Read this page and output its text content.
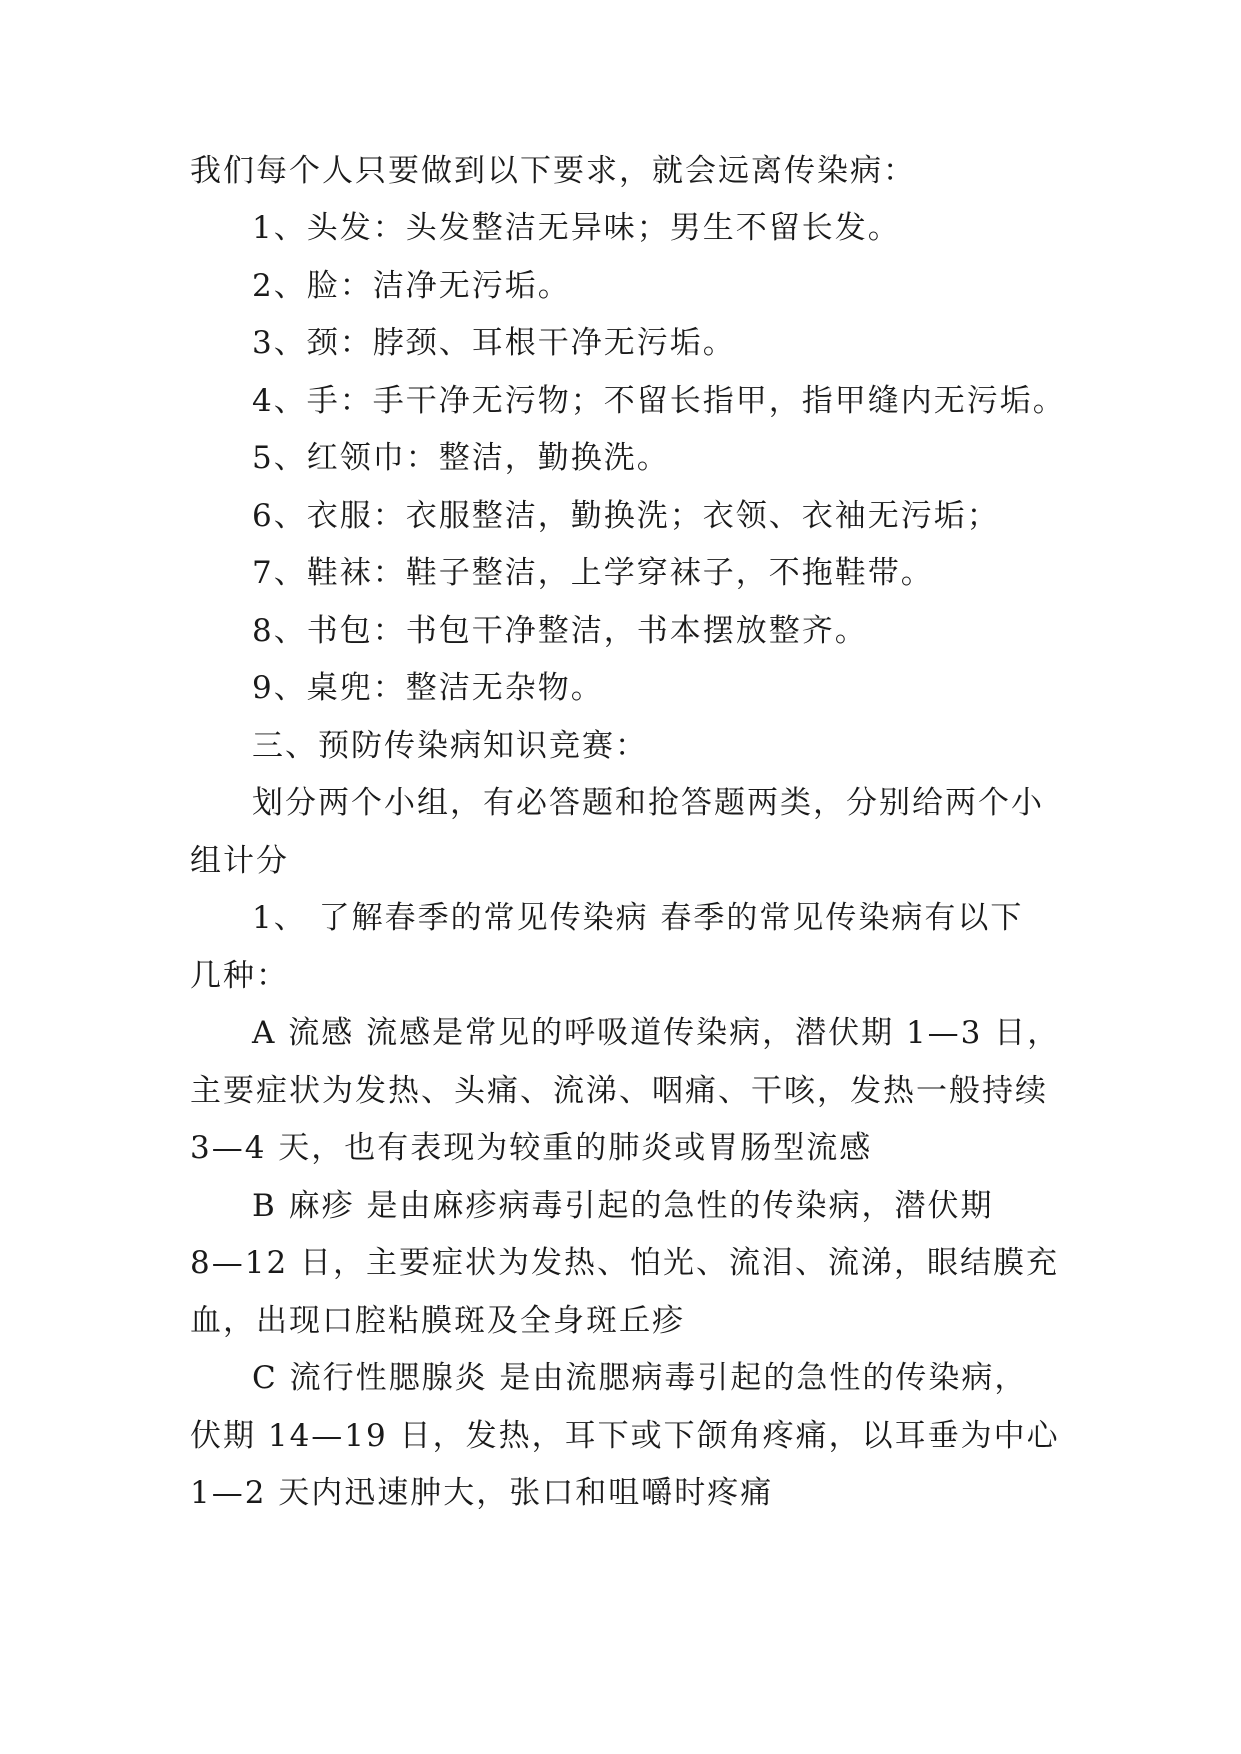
我们每个人只要做到以下要求，就会远离传染病：
1、头发：头发整洁无异味；男生不留长发。
2、脸：洁净无污垢。
3、颈：脖颈、耳根干净无污垢。
4、手：手干净无污物；不留长指甲，指甲缝内无污垢。
5、红领巾：整洁，勤换洗。
6、衣服：衣服整洁，勤换洗；衣领、衣袖无污垢；
7、鞋袜：鞋子整洁，上学穿袜子，不拖鞋带。
8、书包：书包干净整洁，书本摆放整齐。
9、桌兜：整洁无杂物。
三、预防传染病知识竞赛：
划分两个小组，有必答题和抢答题两类，分别给两个小
组计分
1、 了解春季的常见传染病 春季的常见传染病有以下
几种：
A 流感 流感是常见的呼吸道传染病，潜伏期 1—3 日，
主要症状为发热、头痛、流涕、咽痛、干咳，发热一般持续
3—4 天，也有表现为较重的肺炎或胃肠型流感
B 麻疹 是由麻疹病毒引起的急性的传染病，潜伏期
8—12 日，主要症状为发热、怕光、流泪、流涕，眼结膜充
血，出现口腔粘膜斑及全身斑丘疹
C 流行性腮腺炎 是由流腮病毒引起的急性的传染病，
伏期 14—19 日，发热，耳下或下颌角疼痛，以耳垂为中心
1—2 天内迅速肿大，张口和咀嚼时疼痛
